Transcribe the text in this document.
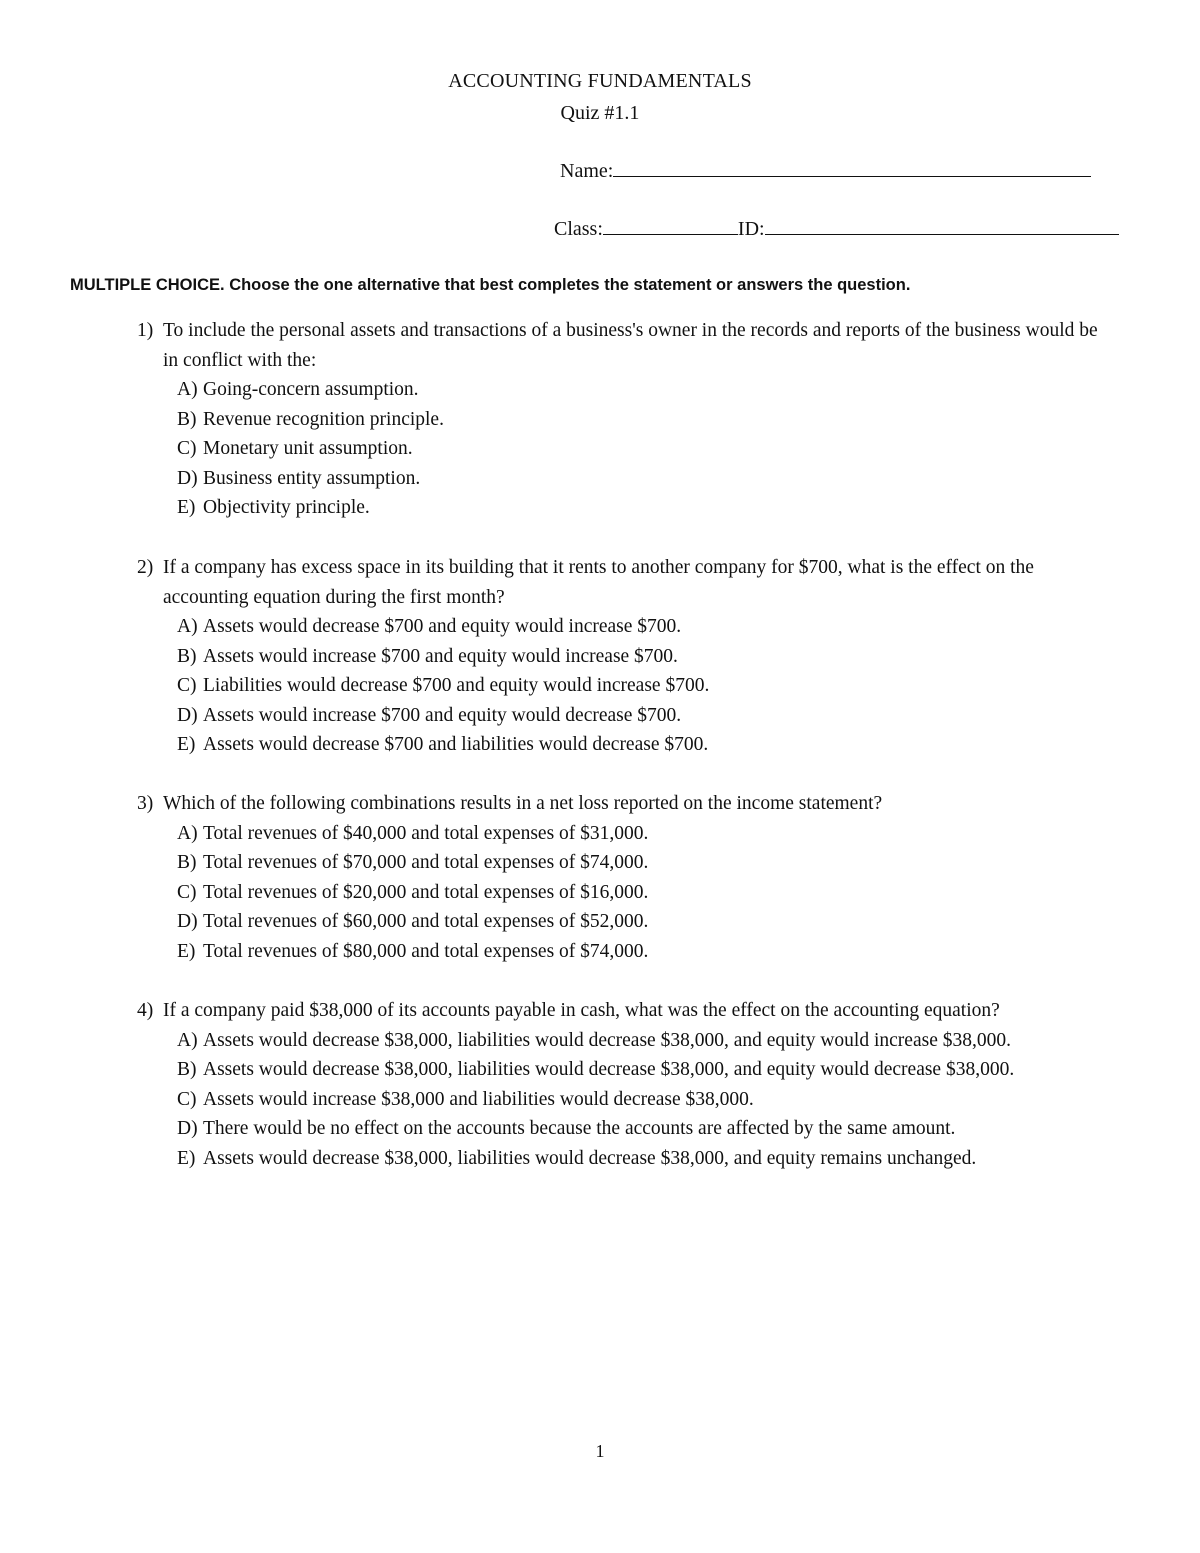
ACCOUNTING FUNDAMENTALS
Quiz #1.1
Name:
Class:	ID:
MULTIPLE CHOICE. Choose the one alternative that best completes the statement or answers the question.
1) To include the personal assets and transactions of a business's owner in the records and reports of the business would be in conflict with the:
A) Going-concern assumption.
B) Revenue recognition principle.
C) Monetary unit assumption.
D) Business entity assumption.
E) Objectivity principle.
2) If a company has excess space in its building that it rents to another company for $700, what is the effect on the accounting equation during the first month?
A) Assets would decrease $700 and equity would increase $700.
B) Assets would increase $700 and equity would increase $700.
C) Liabilities would decrease $700 and equity would increase $700.
D) Assets would increase $700 and equity would decrease $700.
E) Assets would decrease $700 and liabilities would decrease $700.
3) Which of the following combinations results in a net loss reported on the income statement?
A) Total revenues of $40,000 and total expenses of $31,000.
B) Total revenues of $70,000 and total expenses of $74,000.
C) Total revenues of $20,000 and total expenses of $16,000.
D) Total revenues of $60,000 and total expenses of $52,000.
E) Total revenues of $80,000 and total expenses of $74,000.
4) If a company paid $38,000 of its accounts payable in cash, what was the effect on the accounting equation?
A) Assets would decrease $38,000, liabilities would decrease $38,000, and equity would increase $38,000.
B) Assets would decrease $38,000, liabilities would decrease $38,000, and equity would decrease $38,000.
C) Assets would increase $38,000 and liabilities would decrease $38,000.
D) There would be no effect on the accounts because the accounts are affected by the same amount.
E) Assets would decrease $38,000, liabilities would decrease $38,000, and equity remains unchanged.
1
